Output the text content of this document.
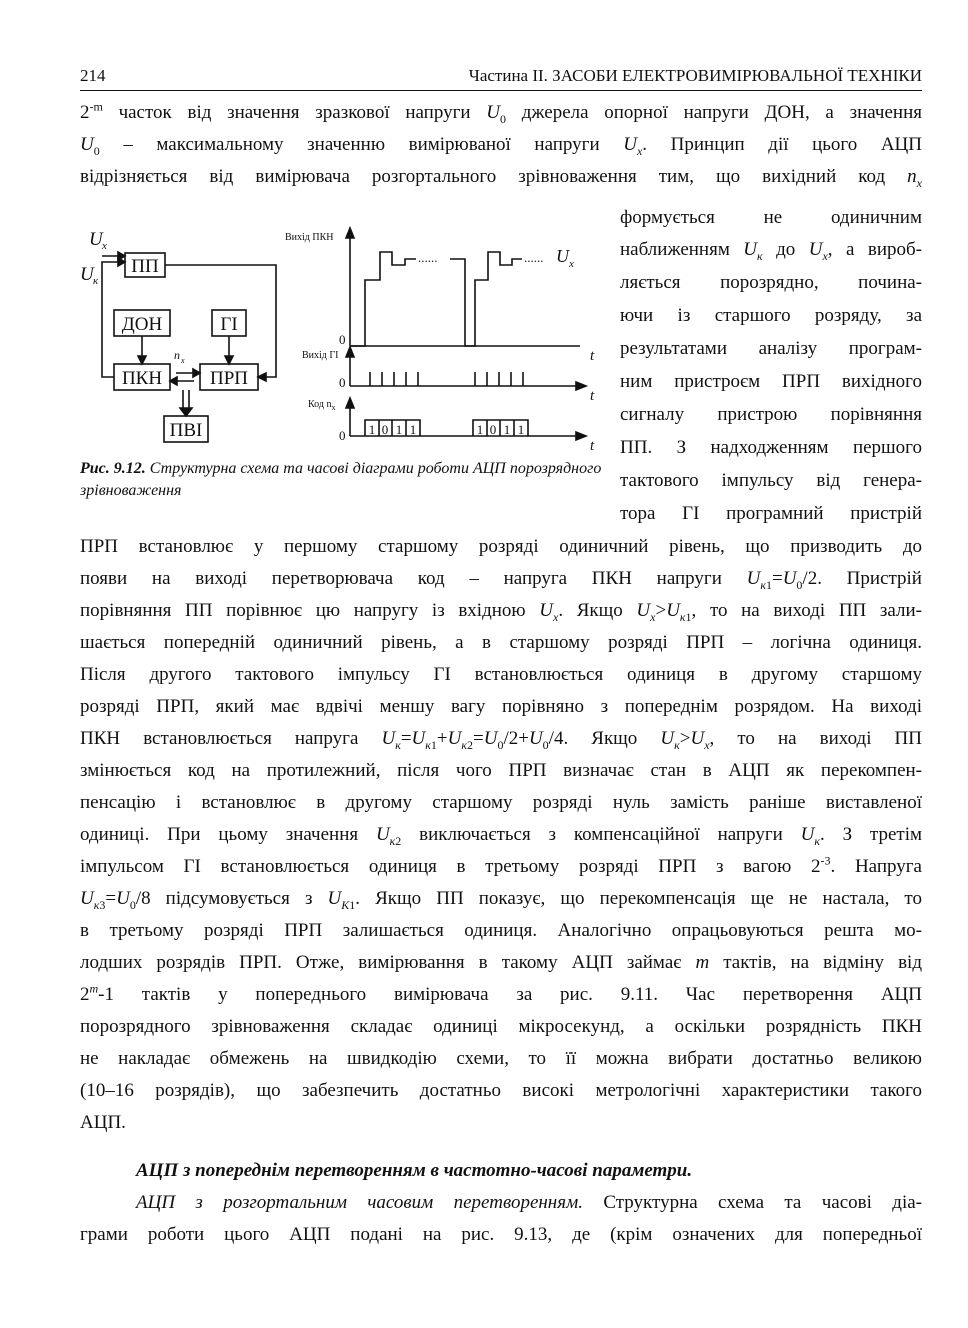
214	Частина II. ЗАСОБИ ЕЛЕКТРОВИМІРЮВАЛЬНОЇ ТЕХНІКИ

$2^{-m}$ часток від значення зразкової напруги $U_0$ джерела опорної напруги ДОН, а значення

$U_0$ – максимальному значенню вимірюваної напруги $U_x$. Принцип дії цього АЦП

відрізняється від вимірювача розгортального зрівноваження тим, що вихідний код $n_x$

формується не одиничним

наближенням $U_к$ до $U_x$, а вироб-

ляється порозрядно, почина-

ючи із старшого розряду, за

результатами аналізу програм-

ним пристроєм ПРП вихідного

сигналу пристрою порівняння

ПП. З надходженням першого

тактового імпульсу від генера-

тора ГІ програмний пристрій

U x
U к
ПП
ДОН	ГІ
ПКН	ПРП
ПВІ
n x
Вихід ПКН
0
t
......	...... U x
Вихід ГІ
0
t
Код $n_x$
0
t
1 0 1 1	1 0 1 1

Рис. 9.12. Структурна схема та часові діаграми роботи АЦП порозрядного зрівноваження

ПРП встановлює у першому старшому розряді одиничний рівень, що призводить до

появи на виході перетворювача код – напруга ПКН напруги $U_{к1}=U_0/2$. Пристрій

порівняння ПП порівнює цю напругу із вхідною $U_x$. Якщо $U_x>U_{к1}$, то на виході ПП зали-

шається попередній одиничний рівень, а в старшому розряді ПРП – логічна одиниця.

Після другого тактового імпульсу ГІ встановлюється одиниця в другому старшому

розряді ПРП, який має вдвічі меншу вагу порівняно з попереднім розрядом. На виході

ПКН встановлюється напруга $U_к=U_{к1}+U_{к2}=U_0/2+U_0/4$. Якщо $U_к>U_x$, то на виході ПП

змінюється код на протилежний, після чого ПРП визначає стан в АЦП як перекомпен-

пенсацію і встановлює в другому старшому розряді нуль замість раніше виставленої

одиниці. При цьому значення $U_{к2}$ виключається з компенсаційної напруги $U_к$. З третім

імпульсом ГІ встановлюється одиниця в третьому розряді ПРП з вагою $2^{-3}$. Напруга

$U_{к3}=U_0/8$ підсумовується з $U_{K1}$. Якщо ПП показує, що перекомпенсація ще не настала, то

в третьому розряді ПРП залишається одиниця. Аналогічно опрацьовуються решта мо-

лодших розрядів ПРП. Отже, вимірювання в такому АЦП займає m тактів, на відміну від

2$^m$-1 тактів у попереднього вимірювача за рис. 9.11. Час перетворення АЦП

порозрядного зрівноваження складає одиниці мікросекунд, а оскільки розрядність ПКН

не накладає обмежень на швидкодію схеми, то її можна вибрати достатньо великою

(10–16 розрядів), що забезпечить достатньо високі метрологічні характеристики такого

АЦП.

АЦП з попереднім перетворенням в частотно-часові параметри.

АЦП з розгортальним часовим перетворенням. Структурна схема та часові діа-

грами роботи цього АЦП подані на рис. 9.13, де (крім означених для попередньої
